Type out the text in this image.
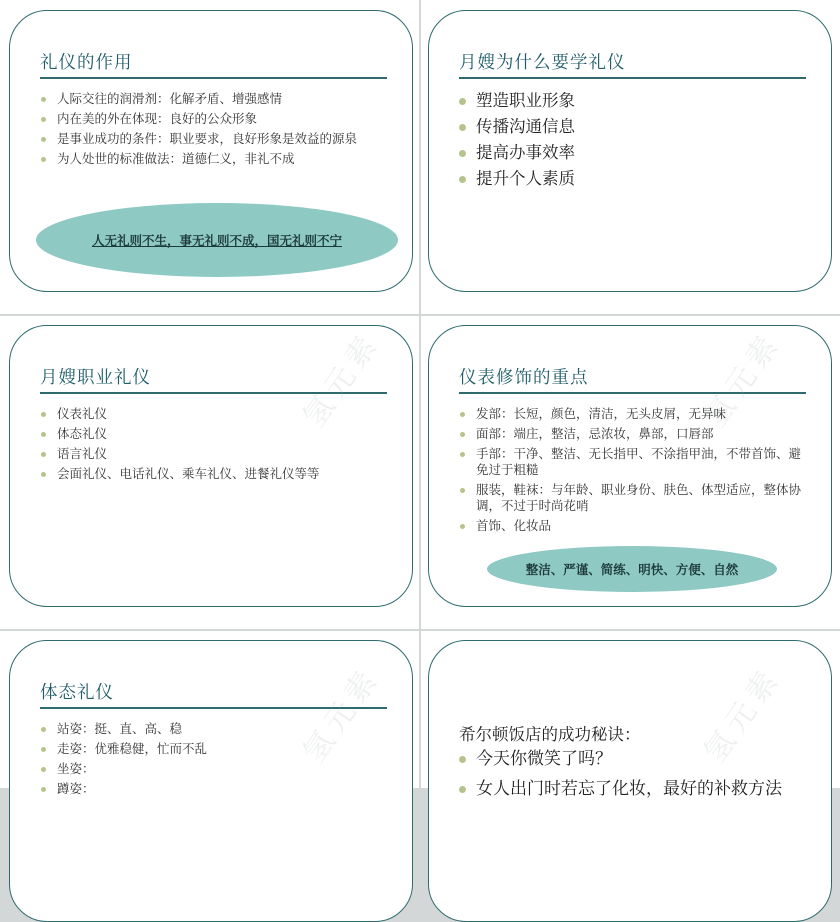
礼仪的作用
人际交往的润滑剂：化解矛盾、增强感情
内在美的外在体现：良好的公众形象
是事业成功的条件：职业要求，良好形象是效益的源泉
为人处世的标准做法：道德仁义，非礼不成
人无礼则不生，事无礼则不成，国无礼则不宁
月嫂为什么要学礼仪
塑造职业形象
传播沟通信息
提高办事效率
提升个人素质
月嫂职业礼仪
仪表礼仪
体态礼仪
语言礼仪
会面礼仪、电话礼仪、乘车礼仪、进餐礼仪等等
氢元素	仪表修饰的重点
发部：长短，颜色，清洁，无头皮屑，无异味
面部：端庄，整洁，忌浓妆，鼻部，口唇部
手部：干净、整洁、无长指甲、不涂指甲油，不带首饰、避免过于粗糙
服装，鞋袜：与年龄、职业身份、肤色、体型适应，整体协调，不过于时尚花哨
首饰、化妆品
整洁、严谨、简练、明快、方便、自然
氢元素
体态礼仪
站姿：挺、直、高、稳
走姿：优雅稳健，忙而不乱
坐姿：
蹲姿：
氢元素	希尔顿饭店的成功秘诀：
今天你微笑了吗？
女人出门时若忘了化妆，最好的补救方法
氢元素
